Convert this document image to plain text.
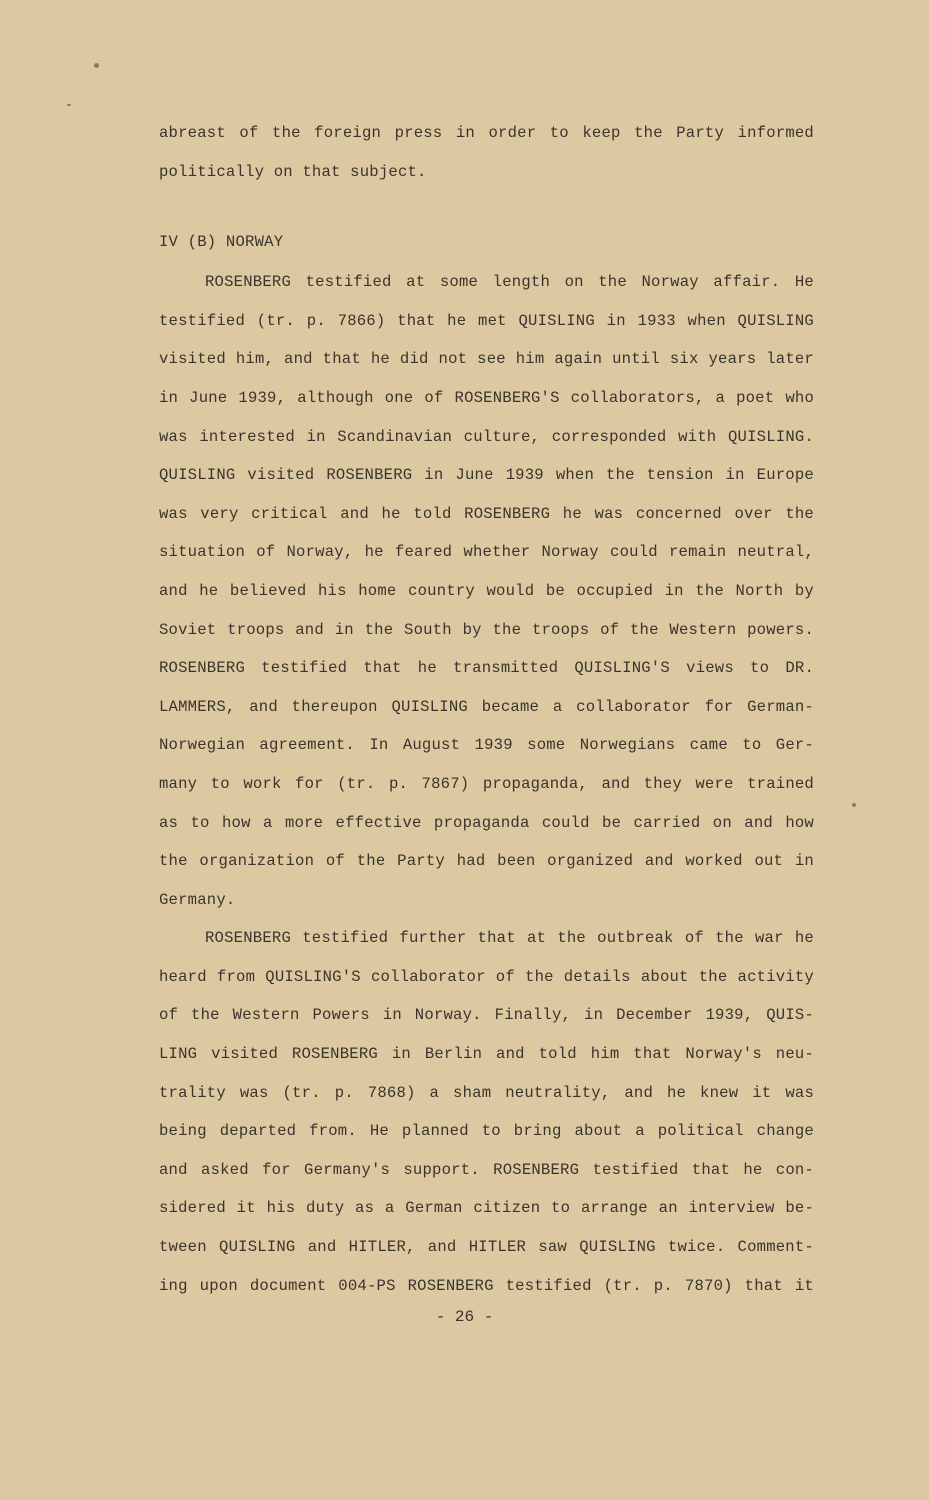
abreast of the foreign press in order to keep the Party informed
politically on that subject.
IV (B) NORWAY
ROSENBERG testified at some length on the Norway affair. He
testified (tr. p. 7866) that he met QUISLING in 1933 when QUISLING
visited him, and that he did not see him again until six years later
in June 1939, although one of ROSENBERG'S collaborators, a poet who
was interested in Scandinavian culture, corresponded with QUISLING.
QUISLING visited ROSENBERG in June 1939 when the tension in Europe
was very critical and he told ROSENBERG he was concerned over the
situation of Norway, he feared whether Norway could remain neutral,
and he believed his home country would be occupied in the North by
Soviet troops and in the South by the troops of the Western powers.
ROSENBERG testified that he transmitted QUISLING'S views to DR.
LAMMERS, and thereupon QUISLING became a collaborator for German-
Norwegian agreement. In August 1939 some Norwegians came to Ger-
many to work for (tr. p. 7867) propaganda, and they were trained
as to how a more effective propaganda could be carried on and how
the organization of the Party had been organized and worked out in
Germany.
ROSENBERG testified further that at the outbreak of the war he
heard from QUISLING'S collaborator of the details about the activity
of the Western Powers in Norway. Finally, in December 1939, QUIS-
LING visited ROSENBERG in Berlin and told him that Norway's neu-
trality was (tr. p. 7868) a sham neutrality, and he knew it was
being departed from. He planned to bring about a political change
and asked for Germany's support. ROSENBERG testified that he con-
sidered it his duty as a German citizen to arrange an interview be-
tween QUISLING and HITLER, and HITLER saw QUISLING twice. Comment-
ing upon document 004-PS ROSENBERG testified (tr. p. 7870) that it
- 26 -
